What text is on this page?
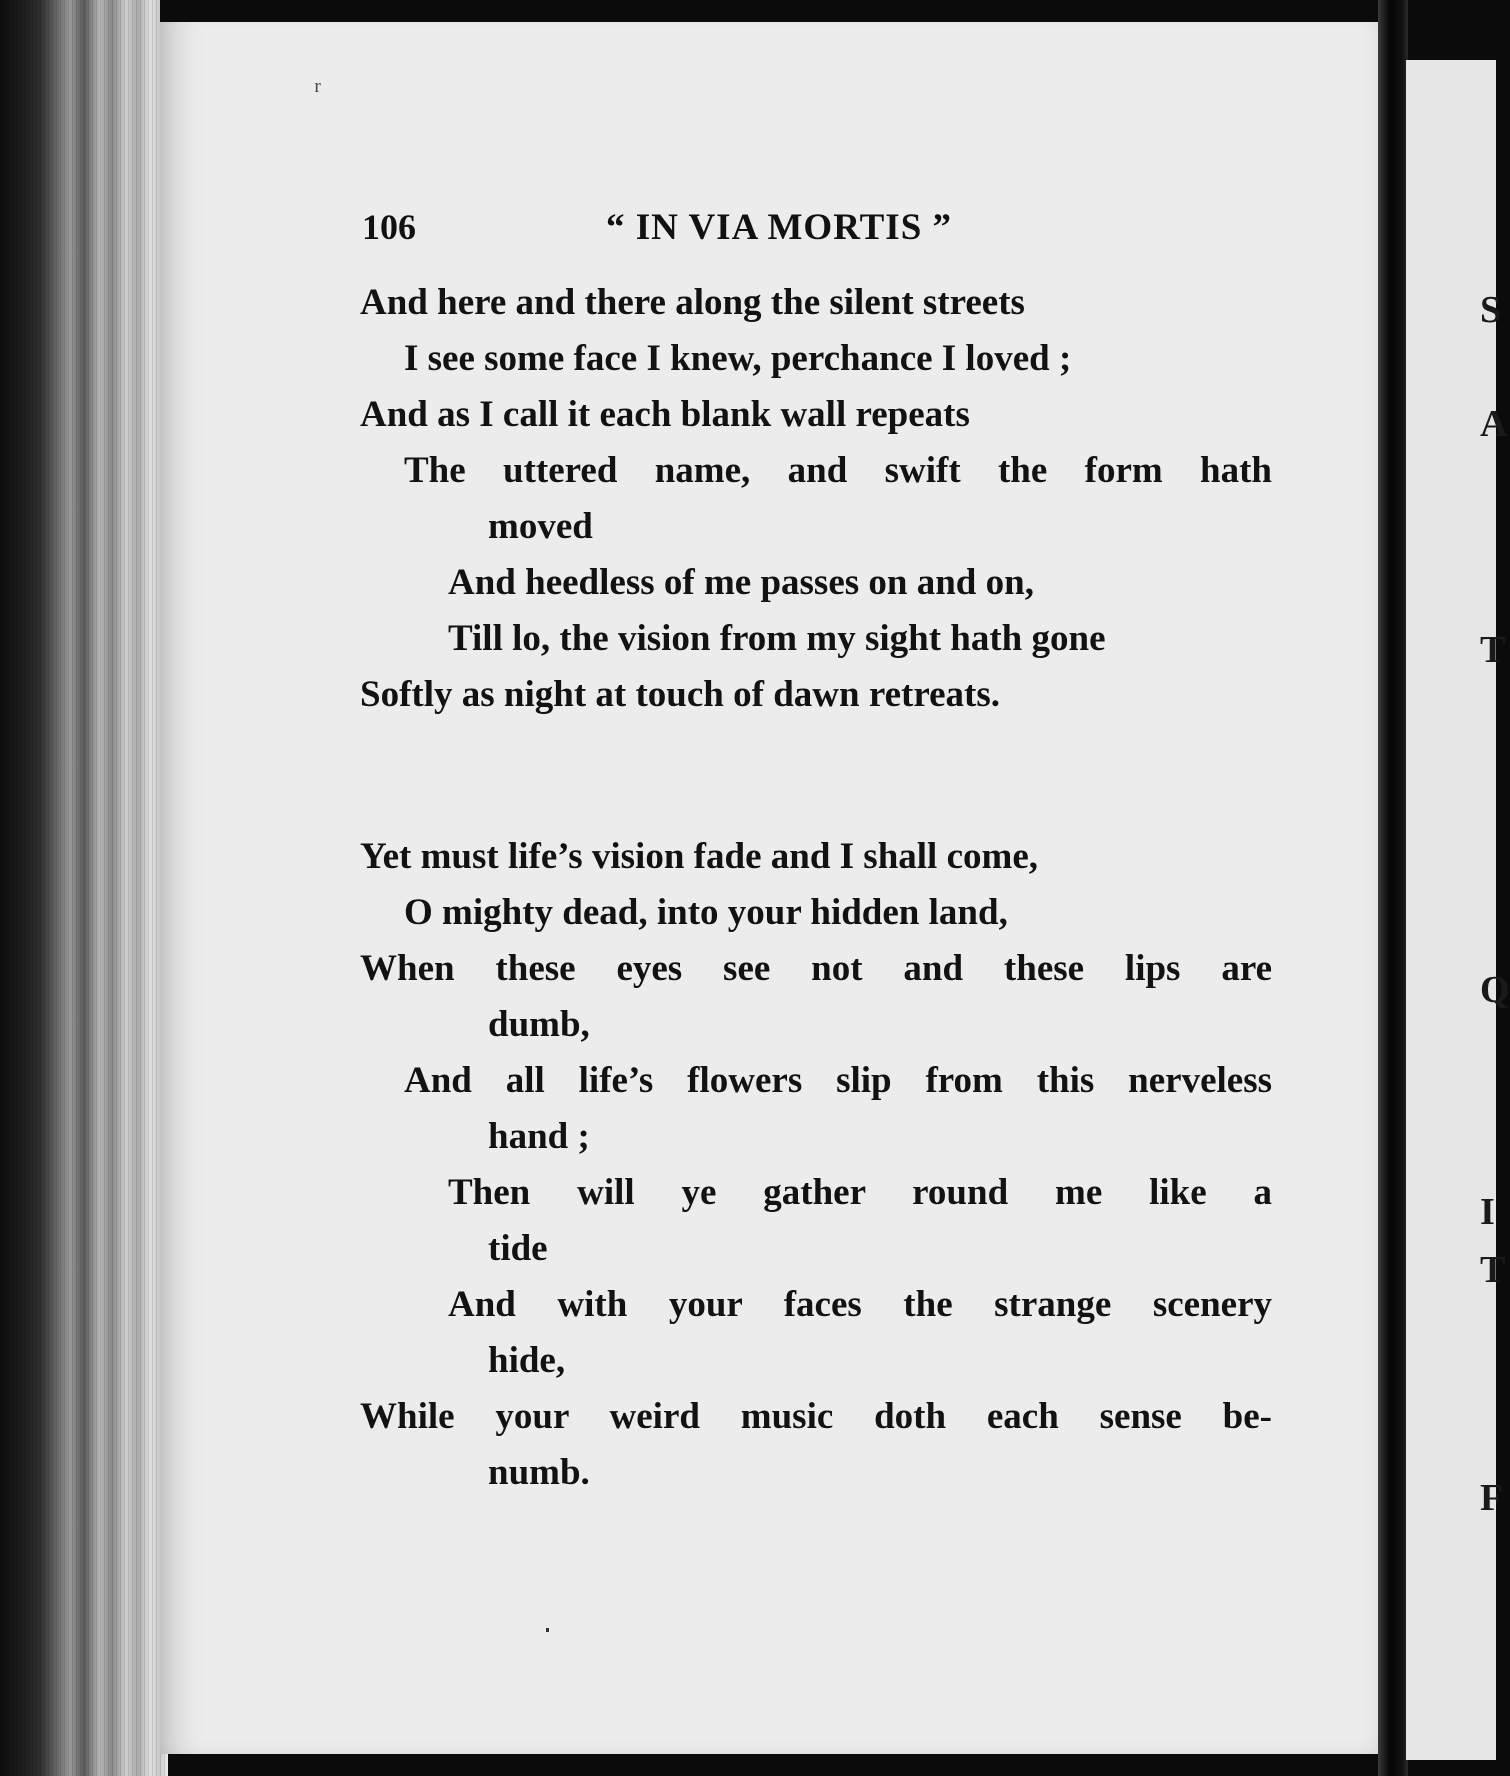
S
A
T
Q
I
T
F
ʳ
106	“ IN VIA MORTIS ”
And here and there along the silent streets
I see some face I knew, perchance I loved ;
And as I call it each blank wall repeats
The uttered name, and swift the form hath
moved
And heedless of me passes on and on,
Till lo, the vision from my sight hath gone
Softly as night at touch of dawn retreats.
Yet must life’s vision fade and I shall come,
O mighty dead, into your hidden land,
When these eyes see not and these lips are
dumb,
And all life’s flowers slip from this nerveless
hand ;
Then will ye gather round me like a
tide
And with your faces the strange scenery
hide,
While your weird music doth each sense be-
numb.
